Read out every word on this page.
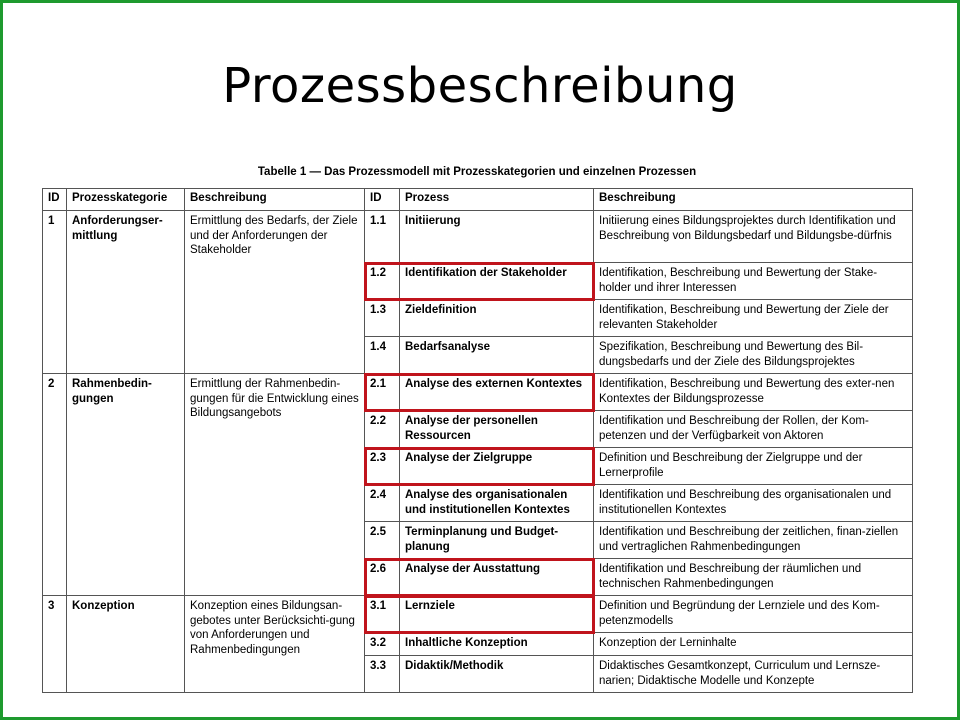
Prozessbeschreibung
Tabelle 1 — Das Prozessmodell mit Prozesskategorien und einzelnen Prozessen
ID	Prozesskategorie	Beschreibung	ID	Prozess	Beschreibung
1	Anforderungser-mittlung	Ermittlung des Bedarfs, der Ziele und der Anforderungen der Stakeholder	1.1	Initiierung	Initiierung eines Bildungsprojektes durch Identifikation und Beschreibung von Bildungsbedarf und Bildungsbe-dürfnis
			1.2	Identifikation der Stakeholder	Identifikation, Beschreibung und Bewertung der Stake-holder und ihrer Interessen
			1.3	Zieldefinition	Identifikation, Beschreibung und Bewertung der Ziele der relevanten Stakeholder
			1.4	Bedarfsanalyse	Spezifikation, Beschreibung und Bewertung des Bil-dungsbedarfs und der Ziele des Bildungsprojektes
2	Rahmenbedin-gungen	Ermittlung der Rahmenbedin-gungen für die Entwicklung eines Bildungsangebots	2.1	Analyse des externen Kontextes	Identifikation, Beschreibung und Bewertung des exter-nen Kontextes der Bildungsprozesse
			2.2	Analyse der personellen Ressourcen	Identifikation und Beschreibung der Rollen, der Kom-petenzen und der Verfügbarkeit von Aktoren
			2.3	Analyse der Zielgruppe	Definition und Beschreibung der Zielgruppe und der Lernerprofile
			2.4	Analyse des organisationalen und institutionellen Kontextes	Identifikation und Beschreibung des organisationalen und institutionellen Kontextes
			2.5	Terminplanung und Budget-planung	Identifikation und Beschreibung der zeitlichen, finan-ziellen und vertraglichen Rahmenbedingungen
			2.6	Analyse der Ausstattung	Identifikation und Beschreibung der räumlichen und technischen Rahmenbedingungen
3	Konzeption	Konzeption eines Bildungsan-gebotes unter Berücksichti-gung von Anforderungen und Rahmenbedingungen	3.1	Lernziele	Definition und Begründung der Lernziele und des Kom-petenzmodells
			3.2	Inhaltliche Konzeption	Konzeption der Lerninhalte
			3.3	Didaktik/Methodik	Didaktisches Gesamtkonzept, Curriculum und Lernsze-narien; Didaktische Modelle und Konzepte
